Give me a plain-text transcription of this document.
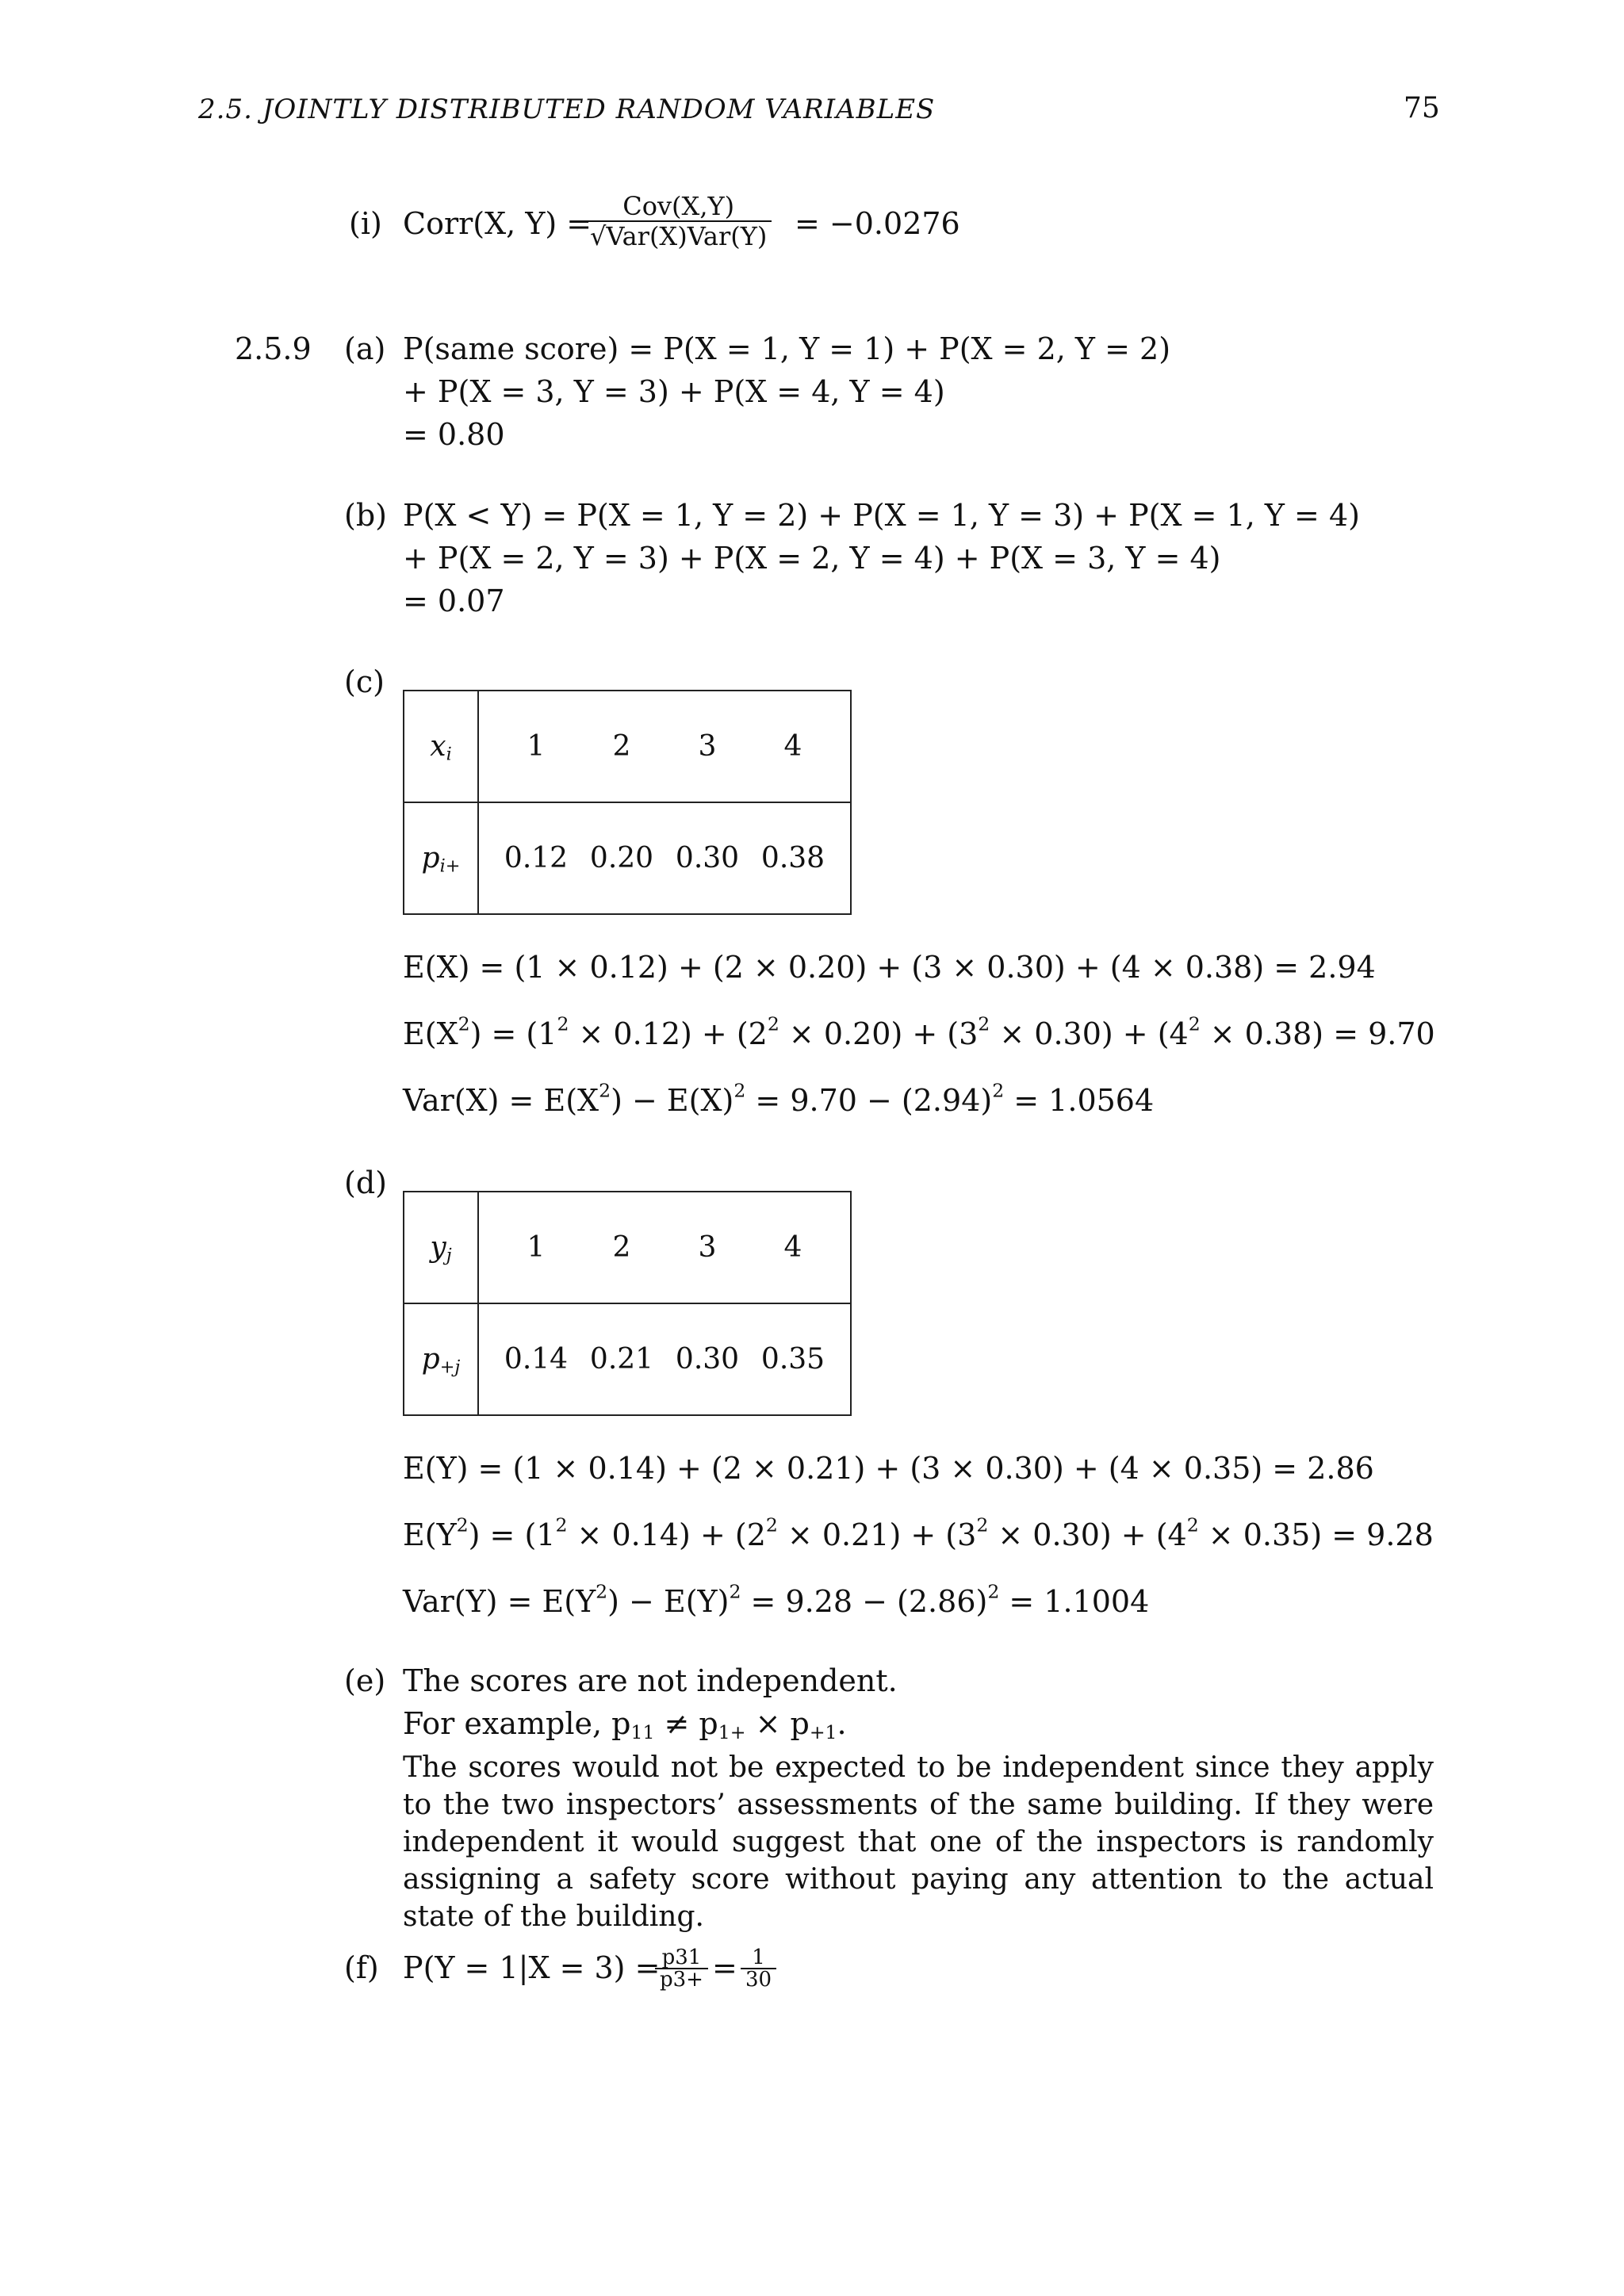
2.5. JOINTLY DISTRIBUTED RANDOM VARIABLES	75
(i) Corr(X, Y) =
$\frac{\text{Cov(X,Y)}}{\text{√Var(X)Var(Y)}} = -0.0276$
2.5.9 (a) P(same score) = P(X = 1, Y = 1) + P(X = 2, Y = 2)
+ P(X = 3, Y = 3) + P(X = 4, Y = 4)
= 0.80
(b) P(X < Y) = P(X = 1, Y = 2) + P(X = 1, Y = 3) + P(X = 1, Y = 4)
+ P(X = 2, Y = 3) + P(X = 2, Y = 4) + P(X = 3, Y = 4)
= 0.07
(c)
$x_i$	1 2 3 4
$p_{i+}$	0.12 0.20 0.30 0.38
E(X) = (1 × 0.12) + (2 × 0.20) + (3 × 0.30) + (4 × 0.38) = 2.94
$E(X^2) = (1^2 \times 0.12) + (2^2 \times 0.20) + (3^2 \times 0.30) + (4^2 \times 0.38) = 9.70$
$Var(X) = E(X^2) - E(X)^2 = 9.70 - (2.94)^2 = 1.0564$
(d)
$y_j$	1 2 3 4
$p_{+j}$	0.14 0.21 0.30 0.35
E(Y) = (1 × 0.14) + (2 × 0.21) + (3 × 0.30) + (4 × 0.35) = 2.86
$E(Y^2) = (1^2 \times 0.14) + (2^2 \times 0.21) + (3^2 \times 0.30) + (4^2 \times 0.35) = 9.28$
$Var(Y) = E(Y^2) - E(Y)^2 = 9.28 - (2.86)^2 = 1.1004$
(e) The scores are not independent.
For example, $p_{11} \ne p_{1+} \times p_{+1}$.
The scores would not be expected to be independent since they apply to the two inspectors’ assessments of the same building. If they were independent it would suggest that one of the inspectors is randomly assigning a safety score without paying any attention to the actual state of the building.
(f) P(Y = 1|X = 3) =
$\frac{p31}{p3+} = \frac{1}{30}$
